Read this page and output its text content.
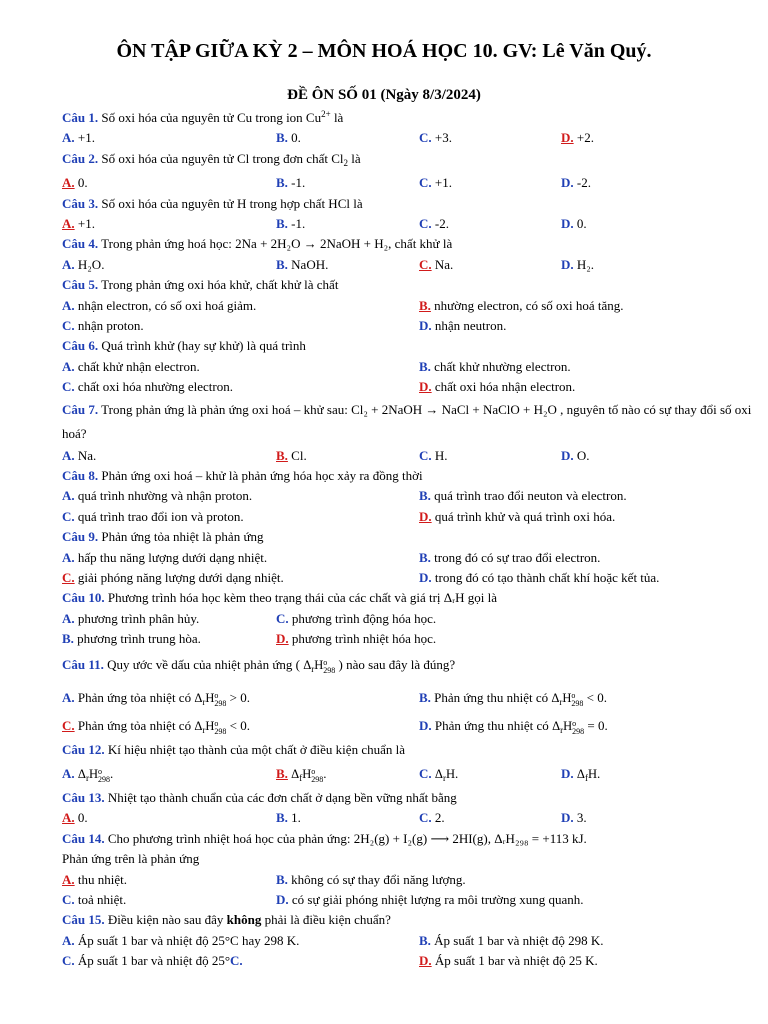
ÔN TẬP GIỮA KỲ 2 – MÔN HOÁ HỌC 10. GV: Lê Văn Quý.
ĐỀ ÔN SỐ 01 (Ngày 8/3/2024)
Câu 1. Số oxi hóa của nguyên tử Cu trong ion $Cu^{2+}$ là
A. +1.	B. 0.	C. +3.	D. +2.
Câu 2. Số oxi hóa của nguyên tử Cl trong đơn chất $Cl_2$ là
A. 0.	B. -1.	C. +1.	D. -2.
Câu 3. Số oxi hóa của nguyên tử H trong hợp chất HCl là
A. +1.	B. -1.	C. -2.	D. 0.
Câu 4. Trong phản ứng hoá học: 2Na + 2H₂O → 2NaOH + H₂, chất khử là
A. H₂O.	B. NaOH.	C. Na.	D. H₂.
Câu 5. Trong phản ứng oxi hóa khử, chất khử là chất
A. nhận electron, có số oxi hoá giảm.	B. nhường electron, có số oxi hoá tăng.
C. nhận proton.	D. nhận neutron.
Câu 6. Quá trình khử (hay sự khử) là quá trình
A. chất khử nhận electron.	B. chất khử nhường electron.
C. chất oxi hóa nhường electron.	D. chất oxi hóa nhận electron.
Câu 7. Trong phản ứng là phản ứng oxi hoá – khử sau: Cl₂ + 2NaOH → NaCl + NaClO + H₂O , nguyên tố nào có sự thay đổi số oxi hoá?
A. Na.	B. Cl.	C. H.	D. O.
Câu 8. Phản ứng oxi hoá – khử là phản ứng hóa học xảy ra đồng thời
A. quá trình nhường và nhận proton.	B. quá trình trao đổi neuton và electron.
C. quá trình trao đổi ion và proton.	D. quá trình khử và quá trình oxi hóa.
Câu 9. Phản ứng tỏa nhiệt là phản ứng
A. hấp thu năng lượng dưới dạng nhiệt.	B. trong đó có sự trao đổi electron.
C. giải phóng năng lượng dưới dạng nhiệt.	D. trong đó có tạo thành chất khí hoặc kết tủa.
Câu 10. Phương trình hóa học kèm theo trạng thái của các chất và giá trị ΔᵣH gọi là
A. phương trình phân hủy.	C. phương trình động hóa học.
B. phương trình trung hòa.	D. phương trình nhiệt hóa học.
Câu 11. Quy ước về dấu của nhiệt phản ứng ( $\Delta_rHo$
298 ) nào sau đây là đúng?
A. Phản ứng tỏa nhiệt có $\Delta_rHo$
298 > 0.	B. Phản ứng thu nhiệt có $\Delta_rHo$
298 < 0.
C. Phản ứng tỏa nhiệt có $\Delta_rHo$
298 < 0.	D. Phản ứng thu nhiệt có $\Delta_rHo$
298 = 0.
Câu 12. Kí hiệu nhiệt tạo thành của một chất ở điều kiện chuẩn là
A. $\Delta_rHo$
298.	B. $\Delta_fHo$
298.	C. $\Delta_rH$.	D. $\Delta_fH$.
Câu 13. Nhiệt tạo thành chuẩn của các đơn chất ở dạng bền vững nhất bằng
A. 0.	B. 1.	C. 2.	D. 3.
Câu 14. Cho phương trình nhiệt hoá học của phản ứng: 2H₂(g) + I₂(g) ⟶ 2HI(g), ΔᵣH₂₉₈ = +113 kJ.
Phản ứng trên là phản ứng
A. thu nhiệt.	B. không có sự thay đổi năng lượng.
C. toả nhiệt.	D. có sự giải phóng nhiệt lượng ra môi trường xung quanh.
Câu 15. Điều kiện nào sau đây không phải là điều kiện chuẩn?
A. Áp suất 1 bar và nhiệt độ 25°C hay 298 K.	B. Áp suất 1 bar và nhiệt độ 298 K.
C. Áp suất 1 bar và nhiệt độ 25°C.	D. Áp suất 1 bar và nhiệt độ 25 K.
